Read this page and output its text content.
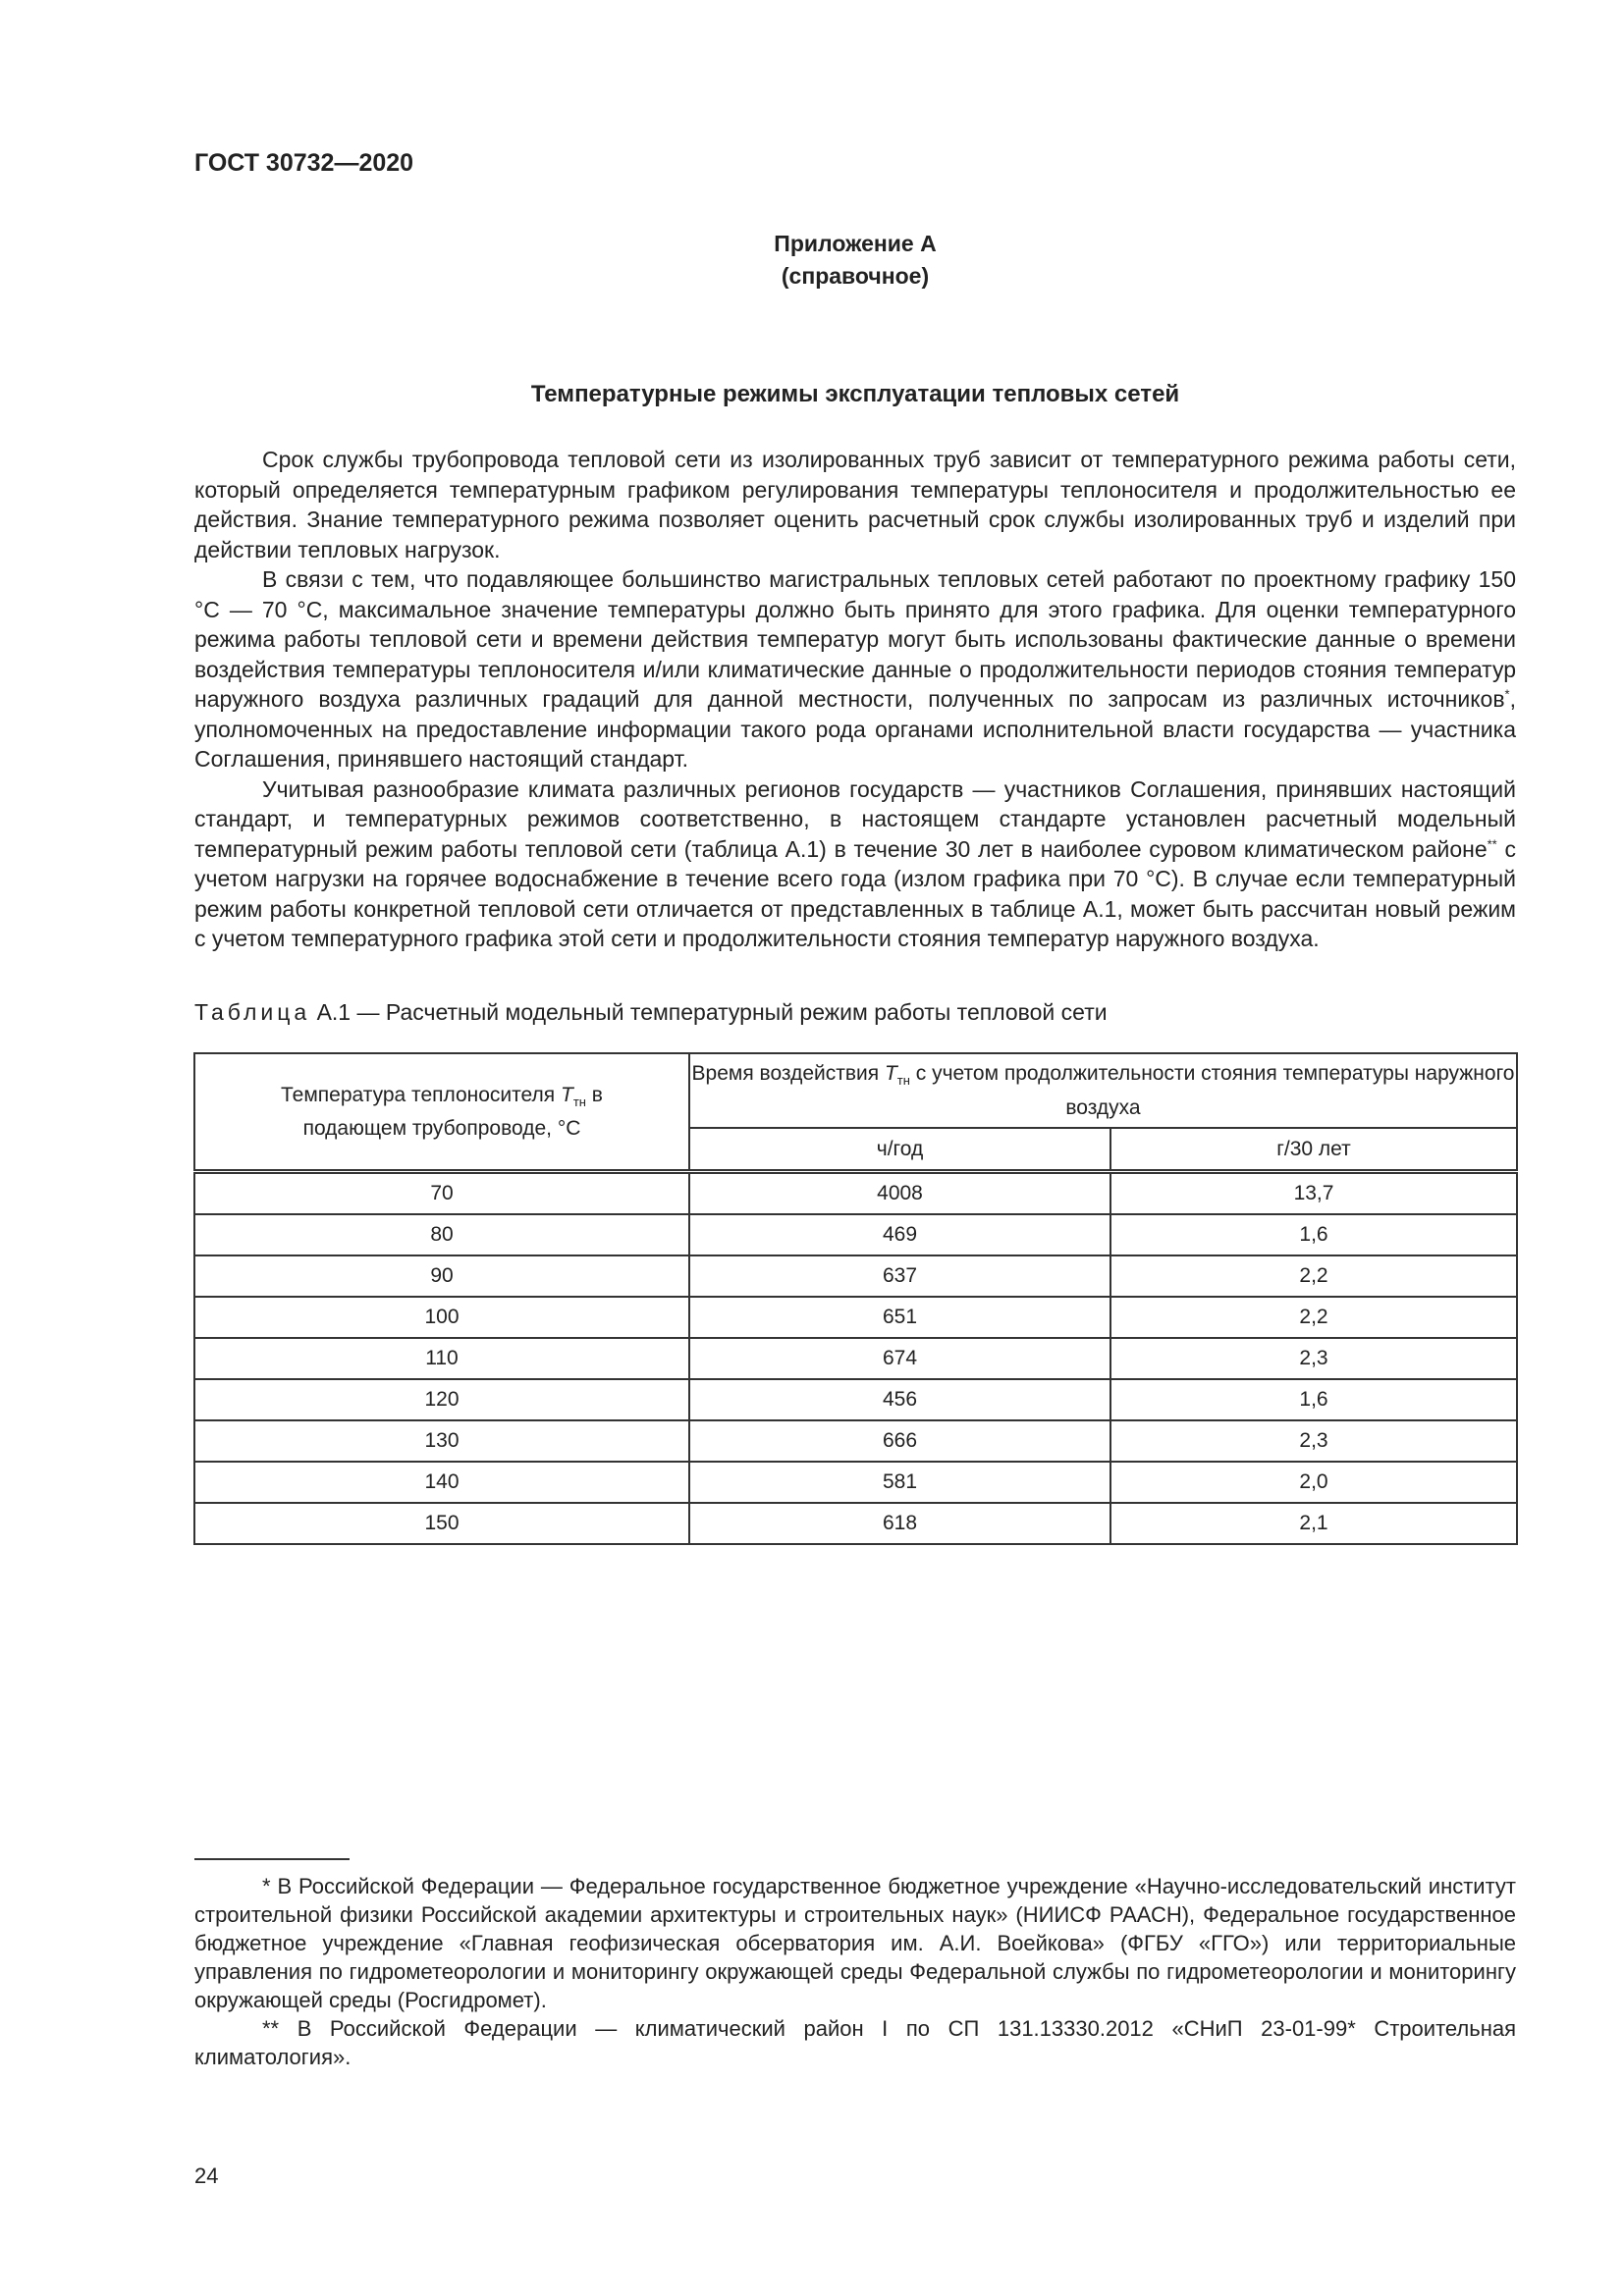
ГОСТ 30732—2020
Приложение А
(справочное)
Температурные режимы эксплуатации тепловых сетей

Срок службы трубопровода тепловой сети из изолированных труб зависит от температурного режима работы сети, который определяется температурным графиком регулирования температуры теплоносителя и продолжительностью ее действия. Знание температурного режима позволяет оценить расчетный срок службы изолированных труб и изделий при действии тепловых нагрузок.

В связи с тем, что подавляющее большинство магистральных тепловых сетей работают по проектному графику 150 °С — 70 °С, максимальное значение температуры должно быть принято для этого графика. Для оценки температурного режима работы тепловой сети и времени действия температур могут быть использованы фактические данные о времени воздействия температуры теплоносителя и/или климатические данные о продолжительности периодов стояния температур наружного воздуха различных градаций для данной местности, полученных по запросам из различных источников*, уполномоченных на предоставление информации такого рода органами исполнительной власти государства — участника Соглашения, принявшего настоящий стандарт.

Учитывая разнообразие климата различных регионов государств — участников Соглашения, принявших настоящий стандарт, и температурных режимов соответственно, в настоящем стандарте установлен расчетный модельный температурный режим работы тепловой сети (таблица А.1) в течение 30 лет в наиболее суровом климатическом районе** с учетом нагрузки на горячее водоснабжение в течение всего года (излом графика при 70 °С). В случае если температурный режим работы конкретной тепловой сети отличается от представленных в таблице А.1, может быть рассчитан новый режим с учетом температурного графика этой сети и продолжительности стояния температур наружного воздуха.

Таблица А.1 — Расчетный модельный температурный режим работы тепловой сети
Температура теплоносителя $T_{тн}$ в подающем трубопроводе, °С	Время воздействия $T_{тн}$ с учетом продолжительности стояния температуры наружного воздуха	
	ч/год	г/30 лет
70	4008	13,7
80	469	1,6
90	637	2,2
100	651	2,2
110	674	2,3
120	456	1,6
130	666	2,3
140	581	2,0
150	618	2,1

* В Российской Федерации — Федеральное государственное бюджетное учреждение «Научно-исследовательский институт строительной физики Российской академии архитектуры и строительных наук» (НИИСФ РААСН), Федеральное государственное бюджетное учреждение «Главная геофизическая обсерватория им. А.И. Воейкова» (ФГБУ «ГГО») или территориальные управления по гидрометеорологии и мониторингу окружающей среды Федеральной службы по гидрометеорологии и мониторингу окружающей среды (Росгидромет).

** В Российской Федерации — климатический район I по СП 131.13330.2012 «СНиП 23-01-99* Строительная климатология».

24
